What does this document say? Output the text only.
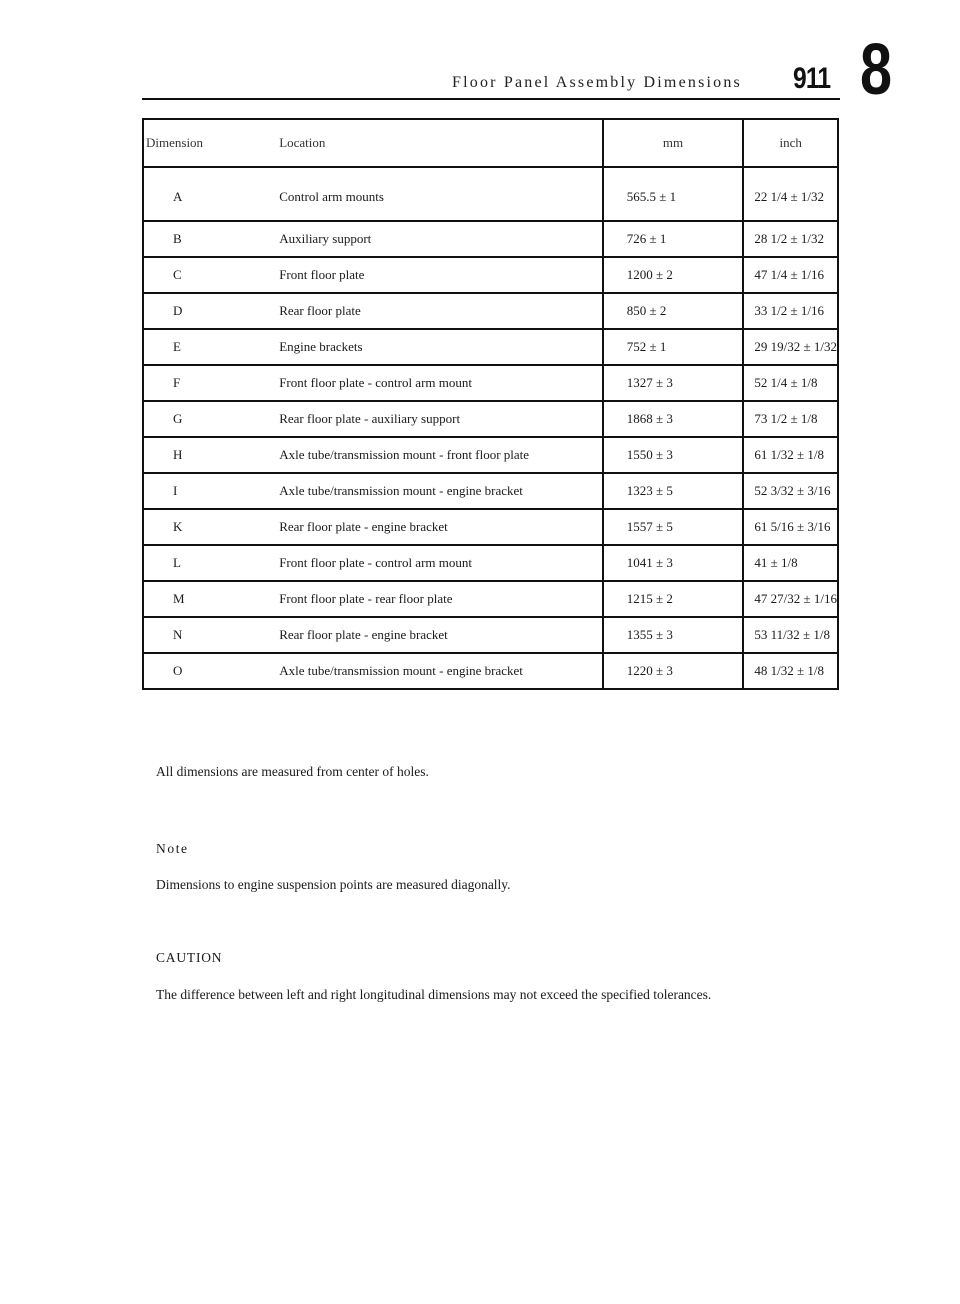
Floor Panel Assembly Dimensions 911 8
Dimension	Location	mm	inch
A	Control arm mounts	565.5 ± 1	22 1/4 ± 1/32
B	Auxiliary support	726 ± 1	28 1/2 ± 1/32
C	Front floor plate	1200 ± 2	47 1/4 ± 1/16
D	Rear floor plate	850 ± 2	33 1/2 ± 1/16
E	Engine brackets	752 ± 1	29 19/32 ± 1/32
F	Front floor plate - control arm mount	1327 ± 3	52 1/4 ± 1/8
G	Rear floor plate - auxiliary support	1868 ± 3	73 1/2 ± 1/8
H	Axle tube/transmission mount - front floor plate	1550 ± 3	61 1/32 ± 1/8
I	Axle tube/transmission mount - engine bracket	1323 ± 5	52 3/32 ± 3/16
K	Rear floor plate - engine bracket	1557 ± 5	61 5/16 ± 3/16
L	Front floor plate - control arm mount	1041 ± 3	41 ± 1/8
M	Front floor plate - rear floor plate	1215 ± 2	47 27/32 ± 1/16
N	Rear floor plate - engine bracket	1355 ± 3	53 11/32 ± 1/8
O	Axle tube/transmission mount - engine bracket	1220 ± 3	48 1/32 ± 1/8

All dimensions are measured from center of holes.

Note

Dimensions to engine suspension points are measured diagonally.

CAUTION

The difference between left and right longitudinal dimensions may not exceed the specified tolerances.
